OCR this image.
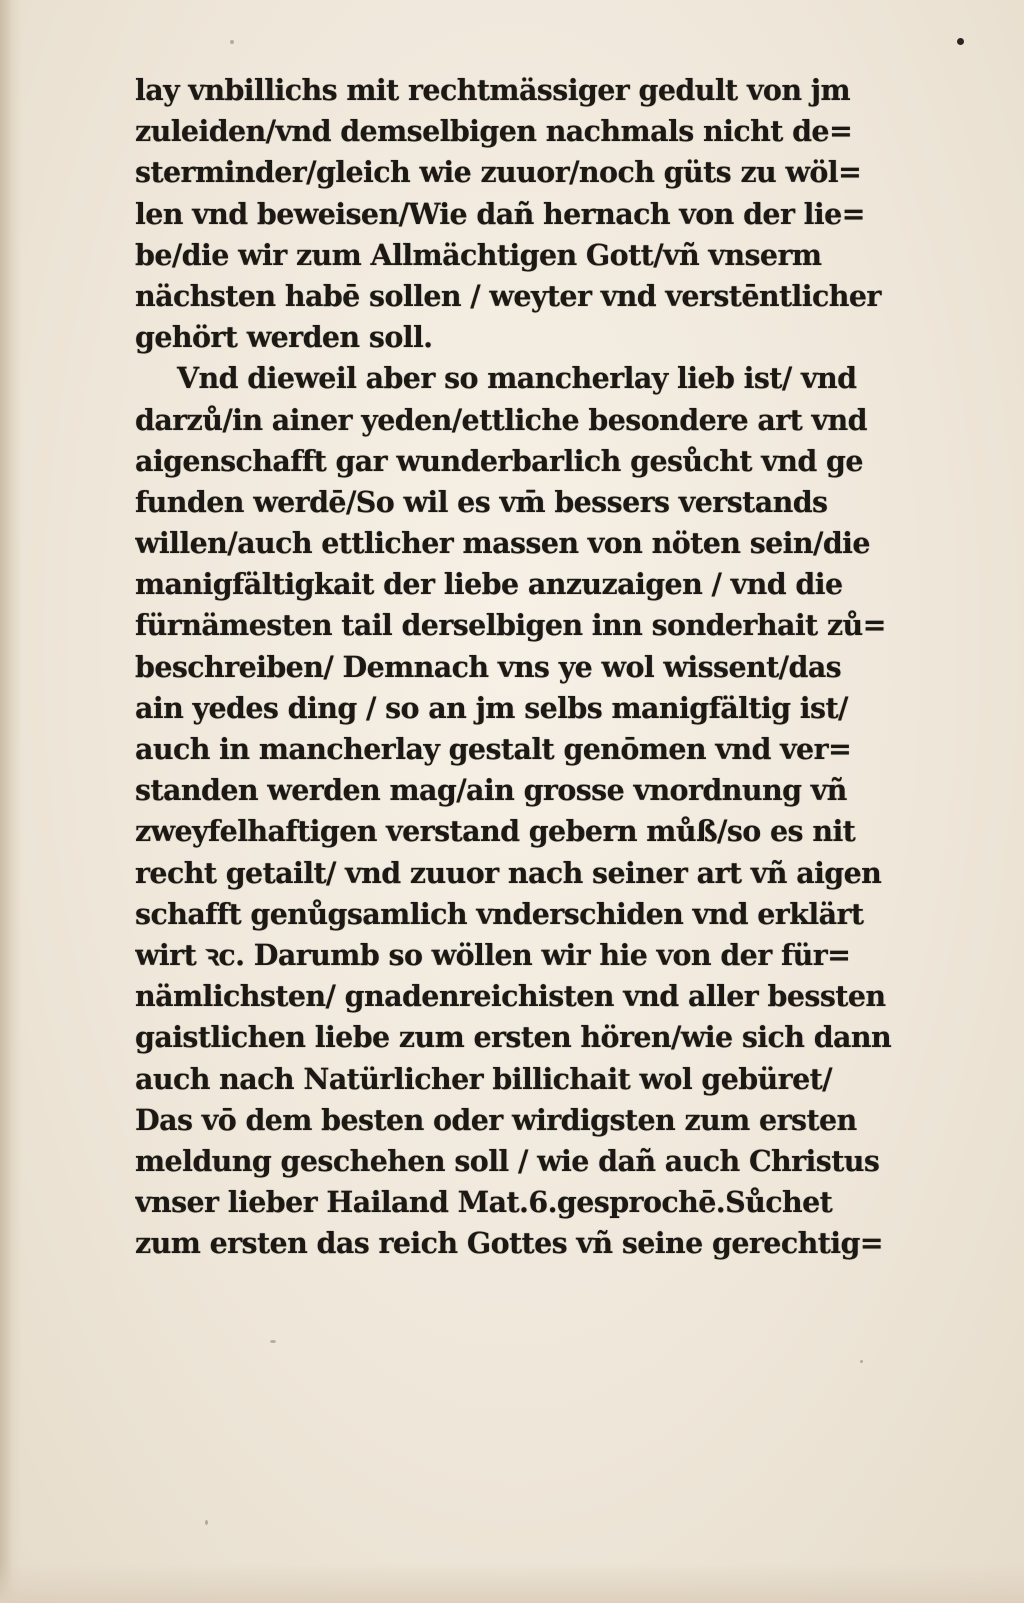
lay vnbillichs mit rechtmässiger gedult von jm
zuleiden/vnd demselbigen nachmals nicht de=
sterminder/gleich wie zuuor/noch güts zu wöl=
len vnd beweisen/Wie dañ hernach von der lie=
be/die wir zum Allmächtigen Gott/vñ vnserm
nächsten habē sollen / weyter vnd verstēntlicher
gehört werden soll.
Vnd dieweil aber so mancherlay lieb ist/ vnd
darzů/in ainer yeden/ettliche besondere art vnd
aigenschafft gar wunderbarlich gesůcht vnd ge
funden werdē/So wil es vm̄ bessers verstands
willen/auch ettlicher massen von nöten sein/die
manigfältigkait der liebe anzuzaigen / vnd die
fürnämesten tail derselbigen inn sonderhait zů=
beschreiben/ Demnach vns ye wol wissent/das
ain yedes ding / so an jm selbs manigfältig ist/
auch in mancherlay gestalt genōmen vnd ver=
standen werden mag/ain grosse vnordnung vñ
zweyfelhaftigen verstand gebern můß/so es nit
recht getailt/ vnd zuuor nach seiner art vñ aigen
schafft genůgsamlich vnderschiden vnd erklärt
wirt ꝛc. Darumb so wöllen wir hie von der für=
nämlichsten/ gnadenreichisten vnd aller bessten
gaistlichen liebe zum ersten hören/wie sich dann
auch nach Natürlicher billichait wol gebüret/
Das vō dem besten oder wirdigsten zum ersten
meldung geschehen soll / wie dañ auch Christus
vnser lieber Hailand Mat.6.gesprochē.Sůchet
zum ersten das reich Gottes vñ seine gerechtig=
